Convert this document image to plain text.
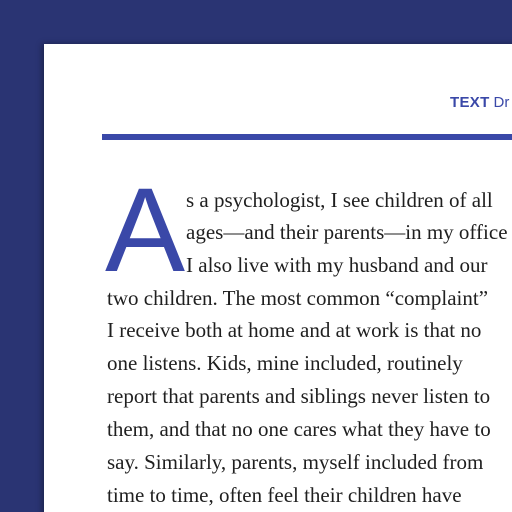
TEXT Dr
A s a psychologist, I see children of all
ages—and their parents—in my office
I also live with my husband and our
two children. The most common “complaint”
I receive both at home and at work is that no
one listens. Kids, mine included, routinely
report that parents and siblings never listen to
them, and that no one cares what they have to
say. Similarly, parents, myself included from
time to time, often feel their children have
